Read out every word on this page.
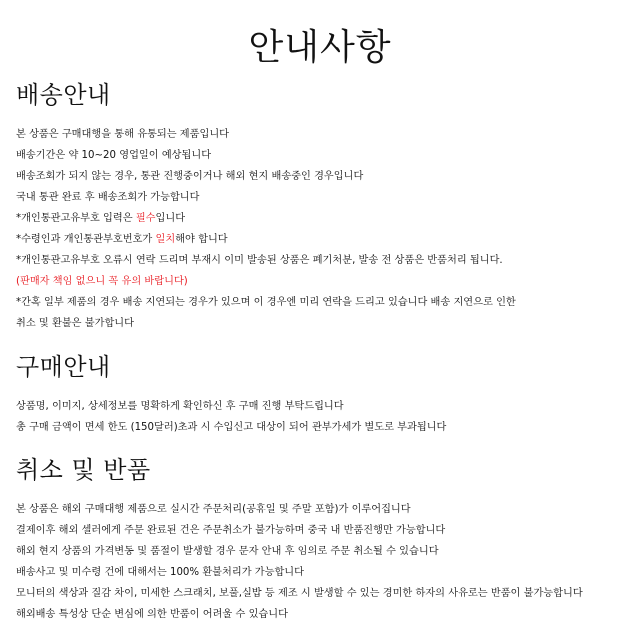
안내사항
배송안내
본 상품은 구매대행을 통해 유통되는 제품입니다
배송기간은 약 10~20 영업일이 예상됩니다
배송조회가 되지 않는 경우, 통관 진행중이거나 해외 현지 배송중인 경우입니다
국내 통관 완료 후 배송조회가 가능합니다
*개인통관고유부호 입력은 필수입니다
*수령인과 개인통관부호번호가 일치해야 합니다
*개인통관고유부호 오류시 연락 드리며 부재시 이미 발송된 상품은 폐기처분, 발송 전 상품은 반품처리 됩니다.
(판매자 책임 없으니 꼭 유의 바랍니다)
*간혹 일부 제품의 경우 배송 지연되는 경우가 있으며 이 경우엔 미리 연락을 드리고 있습니다 배송 지연으로 인한
취소 및 환불은 불가합니다
구매안내
상품명, 이미지, 상세정보를 명확하게 확인하신 후 구매 진행 부탁드립니다
총 구매 금액이 면세 한도 (150달러)초과 시 수입신고 대상이 되어 관부가세가 별도로 부과됩니다
취소 및 반품
본 상품은 해외 구매대행 제품으로 실시간 주문처리(공휴일 및 주말 포함)가 이루어집니다
결제이후 해외 셀러에게 주문 완료된 건은 주문취소가 불가능하며 중국 내 반품진행만 가능합니다
해외 현지 상품의 가격변동 및 품절이 발생할 경우 문자 안내 후 임의로 주문 취소될 수 있습니다
배송사고 및 미수령 건에 대해서는 100% 환불처리가 가능합니다
모니터의 색상과 질감 차이, 미세한 스크래치, 보풀,실밥 등 제조 시 발생할 수 있는 경미한 하자의 사유로는 반품이 불가능합니다
해외배송 특성상 단순 변심에 의한 반품이 어려울 수 있습니다
